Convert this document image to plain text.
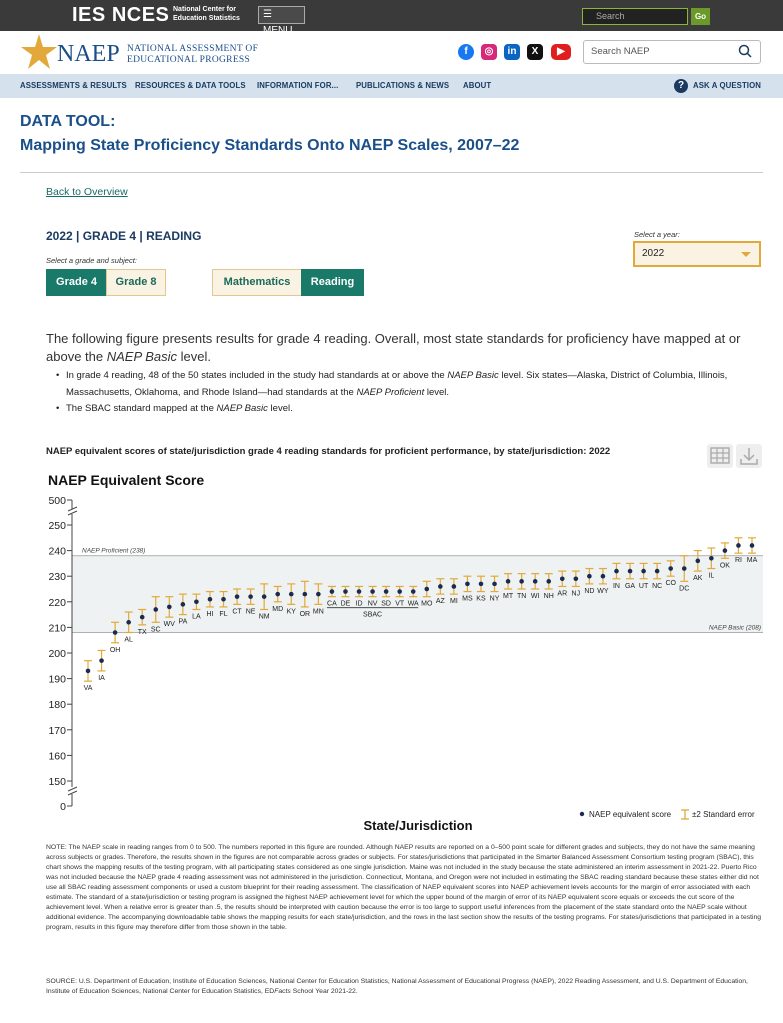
IES NCES National Center for
Education Statistics	☰	Search	Go
NAEP NATIONAL ASSESSMENT OF
EDUCATIONAL PROGRESS
f	◎	in	X	▶	Search NAEP
ASSESSMENTS & RESULTS RESOURCES & DATA TOOLS INFORMATION FOR... PUBLICATIONS & NEWS ABOUT	ASK A QUESTION
?
DATA TOOL:
Mapping State Proficiency Standards Onto NAEP Scales, 2007–22
Back to Overview
2022 | GRADE 4 | READING
Select a grade and subject:
Grade 4	Grade 8	Mathematics	Reading
Select a year:
2022
The following figure presents results for grade 4 reading. Overall, most state standards for proficiency have mapped at or above the NAEP Basic level.
• In grade 4 reading, 48 of the 50 states included in the study had standards at or above the NAEP Basic level. Six states—Alaska, District of Columbia, Illinois, Massachusetts, Oklahoma, and Rhode Island—had standards at the NAEP Proficient level.
• The SBAC standard mapped at the NAEP Basic level.
NAEP equivalent scores of state/jurisdiction grade 4 reading standards for proficient performance, by state/jurisdiction: 2022
NAEP Equivalent Score
State/Jurisdiction
NAEP equivalent score	±2 Standard error
NAEP Proficient (238)
NAEP Basic (208)
0
150
160
170
180
190
200
210
220
230
240
250
500
VA
IA
OH
AL
TX SC
WV PA
LA HI FL CT NE
NM
MD KY OR MN
CA DE ID NV SD VT WA MO AZ MI MS KS NY MT TN WI NH AR NJ ND WY
IN GA UT NC CO
DC
AK IL
OK
RI MA
SBAC
NOTE: The NAEP scale in reading ranges from 0 to 500. The numbers reported in this figure are rounded. Although NAEP results are reported on a 0–500 point scale for different grades and subjects, they do not have the same meaning across subjects or grades. Therefore, the results shown in the figures are not comparable across grades or subjects. For states/jurisdictions that participated in the Smarter Balanced Assessment Consortium testing program (SBAC), this chart shows the mapping results of the testing program, with all participating states considered as one single jurisdiction. Maine was not included in the study because the state administered an interim assessment in 2021-22. Puerto Rico was not included because the NAEP grade 4 reading assessment was not administered in the jurisdiction. Connecticut, Montana, and Oregon were not included in estimating the SBAC reading standard because these states either did not use all SBAC reading assessment components or used a custom blueprint for their reading assessment. The classification of NAEP equivalent scores into NAEP achievement levels accounts for the margin of error associated with each estimate. The standard of a state/jurisdiction or testing program is assigned the highest NAEP achievement level for which the upper bound of the margin of error of its NAEP equivalent score equals or exceeds the cut score of the achievement level. When a relative error is greater than .5, the results should be interpreted with caution because the error is too large to support useful inferences from the placement of the state standard onto the NAEP scale without additional evidence. The accompanying downloadable table shows the mapping results for each state/jurisdiction, and the rows in the last section show the results of the testing programs. For states/jurisdictions that participated in a testing program, results in this figure may therefore differ from those shown in the table.
SOURCE: U.S. Department of Education, Institute of Education Sciences, National Center for Education Statistics, National Assessment of Educational Progress (NAEP), 2022 Reading Assessment, and U.S. Department of Education, Institute of Education Sciences, National Center for Education Statistics, EDFacts School Year 2021-22.
